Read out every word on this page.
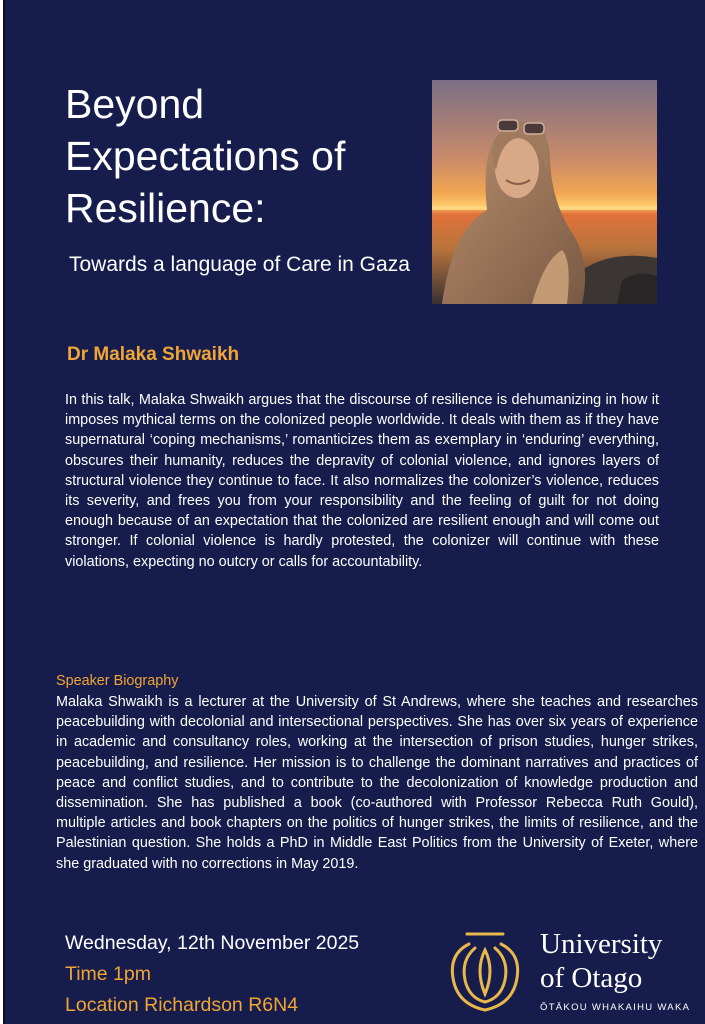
Beyond Expectations of Resilience:

Towards a language of Care in Gaza

Dr Malaka Shwaikh

In this talk, Malaka Shwaikh argues that the discourse of resilience is dehumanizing in how it imposes mythical terms on the colonized people worldwide. It deals with them as if they have supernatural ‘coping mechanisms,’ romanticizes them as exemplary in ‘enduring’ everything, obscures their humanity, reduces the depravity of colonial violence, and ignores layers of structural violence they continue to face. It also normalizes the colonizer’s violence, reduces its severity, and frees you from your responsibility and the feeling of guilt for not doing enough because of an expectation that the colonized are resilient enough and will come out stronger. If colonial violence is hardly protested, the colonizer will continue with these violations, expecting no outcry or calls for accountability.

Speaker Biography

Malaka Shwaikh is a lecturer at the University of St Andrews, where she teaches and researches peacebuilding with decolonial and intersectional perspectives. She has over six years of experience in academic and consultancy roles, working at the intersection of prison studies, hunger strikes, peacebuilding, and resilience. Her mission is to challenge the dominant narratives and practices of peace and conflict studies, and to contribute to the decolonization of knowledge production and dissemination. She has published a book (co-authored with Professor Rebecca Ruth Gould), multiple articles and book chapters on the politics of hunger strikes, the limits of resilience, and the Palestinian question. She holds a PhD in Middle East Politics from the University of Exeter, where she graduated with no corrections in May 2019.

Wednesday, 12th November 2025

Time 1pm

Location Richardson R6N4

University
of Otago
ŌTĀKOU WHAKAIHU WAKA
